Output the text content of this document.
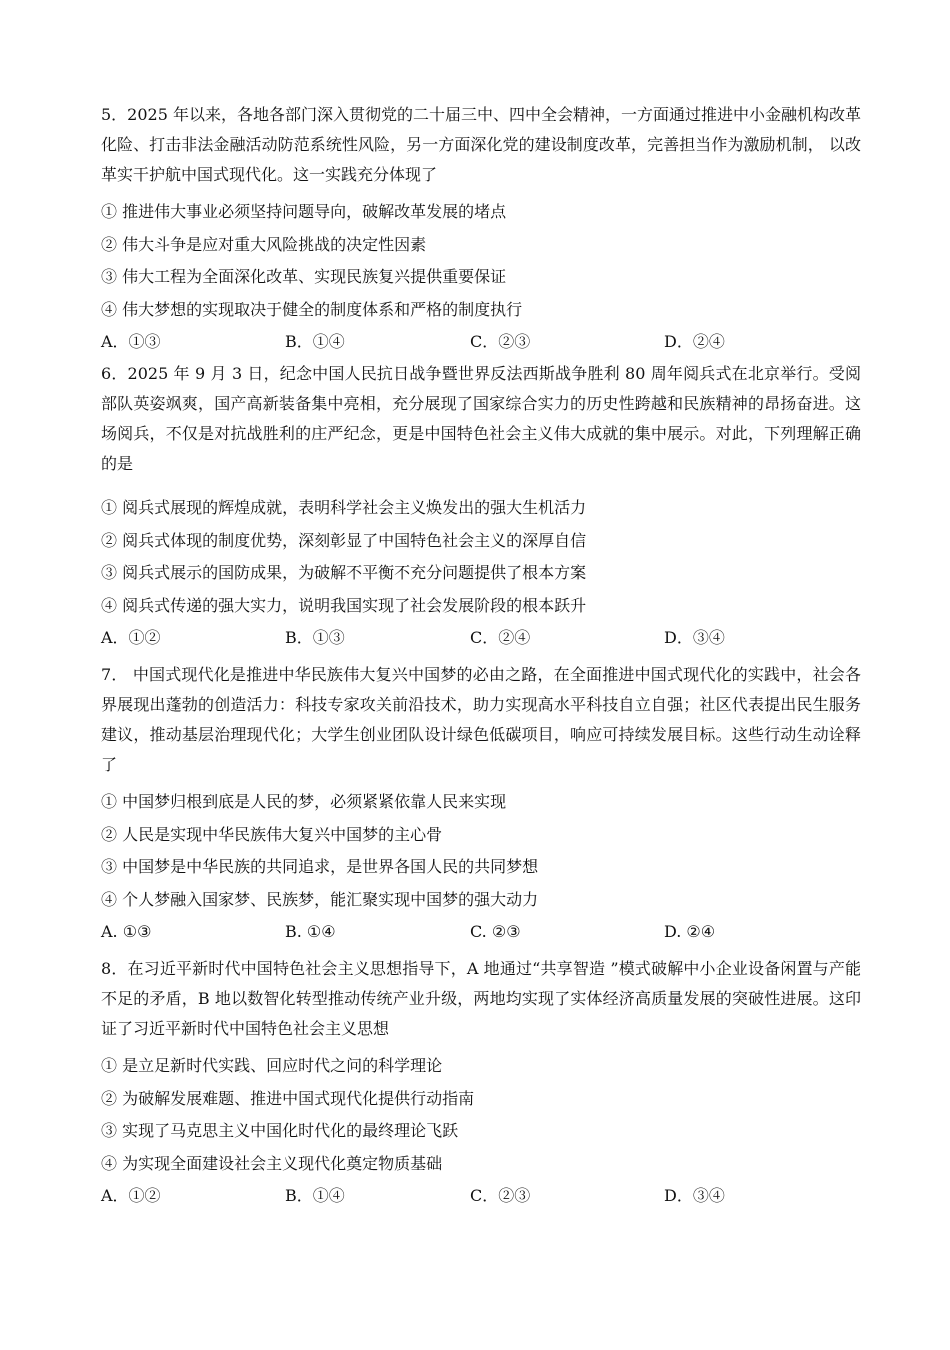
5．2025 年以来，各地各部门深入贯彻党的二十届三中、四中全会精神，一方面通过推进中小金融机构改革化险、打击非法金融活动防范系统性风险，另一方面深化党的建设制度改革，完善担当作为激励机制， 以改革实干护航中国式现代化。这一实践充分体现了

① 推进伟大事业必须坚持问题导向，破解改革发展的堵点
② 伟大斗争是应对重大风险挑战的决定性因素
③ 伟大工程为全面深化改革、实现民族复兴提供重要保证
④ 伟大梦想的实现取决于健全的制度体系和严格的制度执行
A．①③	B．①④	C．②③	D．②④

6．2025 年 9 月 3 日，纪念中国人民抗日战争暨世界反法西斯战争胜利 80 周年阅兵式在北京举行。受阅部队英姿飒爽，国产高新装备集中亮相，充分展现了国家综合实力的历史性跨越和民族精神的昂扬奋进。这场阅兵，不仅是对抗战胜利的庄严纪念，更是中国特色社会主义伟大成就的集中展示。对此，下列理解正确的是

① 阅兵式展现的辉煌成就，表明科学社会主义焕发出的强大生机活力
② 阅兵式体现的制度优势，深刻彰显了中国特色社会主义的深厚自信
③ 阅兵式展示的国防成果，为破解不平衡不充分问题提供了根本方案
④ 阅兵式传递的强大实力，说明我国实现了社会发展阶段的根本跃升
A．①②	B．①③	C．②④	D．③④

7． 中国式现代化是推进中华民族伟大复兴中国梦的必由之路，在全面推进中国式现代化的实践中，社会各界展现出蓬勃的创造活力：科技专家攻关前沿技术，助力实现高水平科技自立自强；社区代表提出民生服务建议，推动基层治理现代化；大学生创业团队设计绿色低碳项目，响应可持续发展目标。这些行动生动诠释了

① 中国梦归根到底是人民的梦，必须紧紧依靠人民来实现
② 人民是实现中华民族伟大复兴中国梦的主心骨
③ 中国梦是中华民族的共同追求，是世界各国人民的共同梦想
④ 个人梦融入国家梦、民族梦，能汇聚实现中国梦的强大动力
A. ①③	B. ①④	C. ②③	D. ②④

8．在习近平新时代中国特色社会主义思想指导下，A 地通过“共享智造 ”模式破解中小企业设备闲置与产能不足的矛盾，B 地以数智化转型推动传统产业升级，两地均实现了实体经济高质量发展的突破性进展。这印证了习近平新时代中国特色社会主义思想

① 是立足新时代实践、回应时代之问的科学理论
② 为破解发展难题、推进中国式现代化提供行动指南
③ 实现了马克思主义中国化时代化的最终理论飞跃
④ 为实现全面建设社会主义现代化奠定物质基础
A．①②	B．①④	C．②③	D．③④
